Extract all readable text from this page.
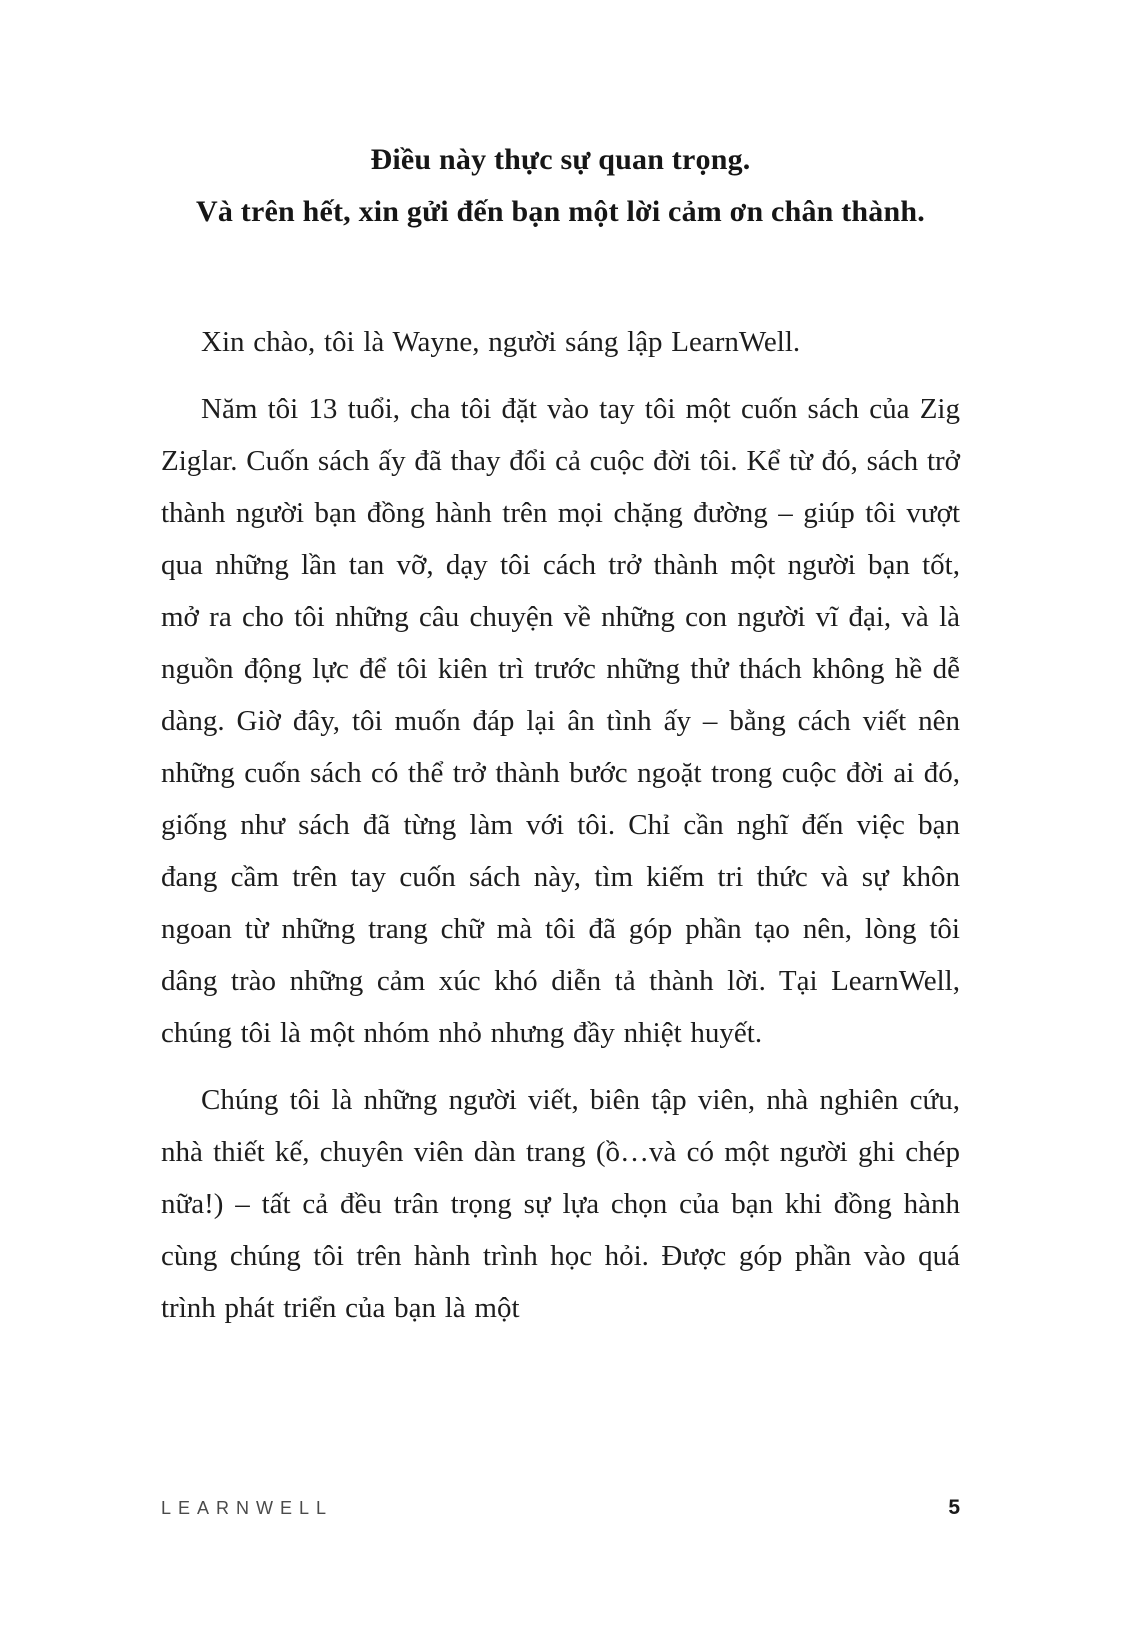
Điều này thực sự quan trọng.
Và trên hết, xin gửi đến bạn một lời cảm ơn chân thành.

Xin chào, tôi là Wayne, người sáng lập LearnWell.

Năm tôi 13 tuổi, cha tôi đặt vào tay tôi một cuốn sách của Zig Ziglar. Cuốn sách ấy đã thay đổi cả cuộc đời tôi. Kể từ đó, sách trở thành người bạn đồng hành trên mọi chặng đường – giúp tôi vượt qua những lần tan vỡ, dạy tôi cách trở thành một người bạn tốt, mở ra cho tôi những câu chuyện về những con người vĩ đại, và là nguồn động lực để tôi kiên trì trước những thử thách không hề dễ dàng. Giờ đây, tôi muốn đáp lại ân tình ấy – bằng cách viết nên những cuốn sách có thể trở thành bước ngoặt trong cuộc đời ai đó, giống như sách đã từng làm với tôi. Chỉ cần nghĩ đến việc bạn đang cầm trên tay cuốn sách này, tìm kiếm tri thức và sự khôn ngoan từ những trang chữ mà tôi đã góp phần tạo nên, lòng tôi dâng trào những cảm xúc khó diễn tả thành lời. Tại LearnWell, chúng tôi là một nhóm nhỏ nhưng đầy nhiệt huyết.

Chúng tôi là những người viết, biên tập viên, nhà nghiên cứu, nhà thiết kế, chuyên viên dàn trang (ồ…và có một người ghi chép nữa!) – tất cả đều trân trọng sự lựa chọn của bạn khi đồng hành cùng chúng tôi trên hành trình học hỏi. Được góp phần vào quá trình phát triển của bạn là một

LEARNWELL	5
